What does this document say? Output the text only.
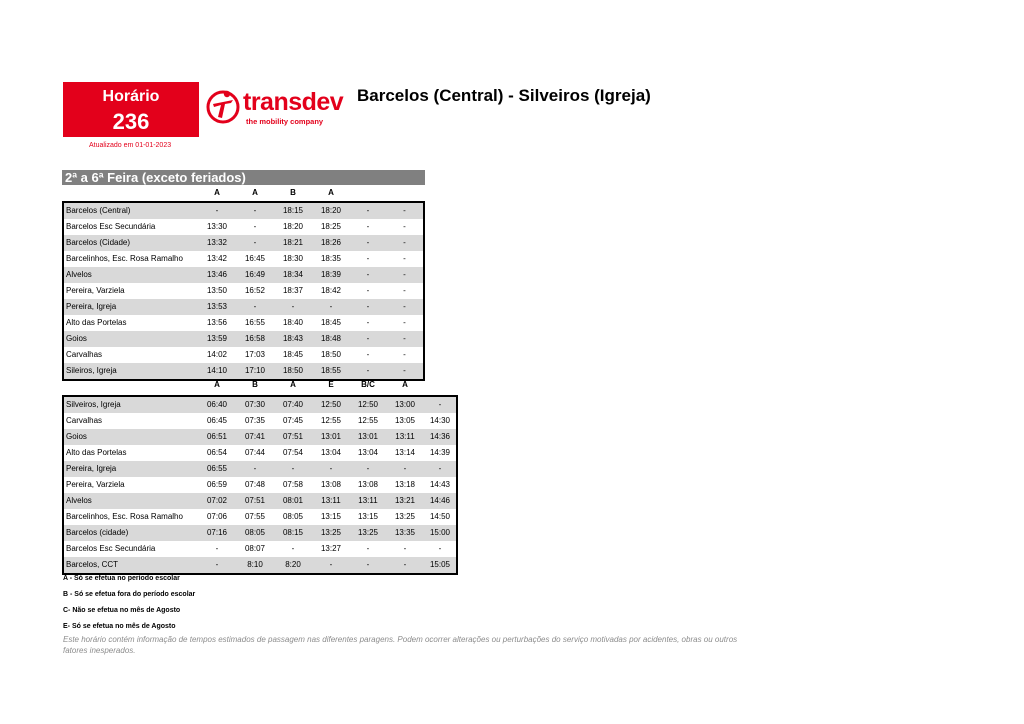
Horário
236
Atualizado em 01-01-2023
transdev
the mobility company
Barcelos (Central) - Silveiros (Igreja)
2ª a 6ª Feira (exceto feriados)
A	A	B	A
Barcelos (Central)	-	-	18:15	18:20	-	-
Barcelos Esc Secundária	13:30	-	18:20	18:25	-	-
Barcelos (Cidade)	13:32	-	18:21	18:26	-	-
Barcelinhos, Esc. Rosa Ramalho	13:42	16:45	18:30	18:35	-	-
Alvelos	13:46	16:49	18:34	18:39	-	-
Pereira, Varziela	13:50	16:52	18:37	18:42	-	-
Pereira, Igreja	13:53	-	-	-	-	-
Alto das Portelas	13:56	16:55	18:40	18:45	-	-
Goios	13:59	16:58	18:43	18:48	-	-
Carvalhas	14:02	17:03	18:45	18:50	-	-
Sileiros, Igreja	14:10	17:10	18:50	18:55	-	-
A	B	A	E	B/C	A
Silveiros, Igreja	06:40	07:30	07:40	12:50	12:50	13:00	-
Carvalhas	06:45	07:35	07:45	12:55	12:55	13:05	14:30
Goios	06:51	07:41	07:51	13:01	13:01	13:11	14:36
Alto das Portelas	06:54	07:44	07:54	13:04	13:04	13:14	14:39
Pereira, Igreja	06:55	-	-	-	-	-	-
Pereira, Varziela	06:59	07:48	07:58	13:08	13:08	13:18	14:43
Alvelos	07:02	07:51	08:01	13:11	13:11	13:21	14:46
Barcelinhos, Esc. Rosa Ramalho	07:06	07:55	08:05	13:15	13:15	13:25	14:50
Barcelos (cidade)	07:16	08:05	08:15	13:25	13:25	13:35	15:00
Barcelos Esc Secundária	-	08:07	-	13:27	-	-	-
Barcelos, CCT	-	8:10	8:20	-	-	-	15:05
A - Só se efetua no período escolar
B - Só se efetua fora do período escolar
C- Não se efetua no mês de Agosto
E- Só se efetua no mês de Agosto
Este horário contém informação de tempos estimados de passagem nas diferentes paragens. Podem ocorrer alterações ou perturbações do serviço motivadas por acidentes, obras ou outros fatores inesperados.
